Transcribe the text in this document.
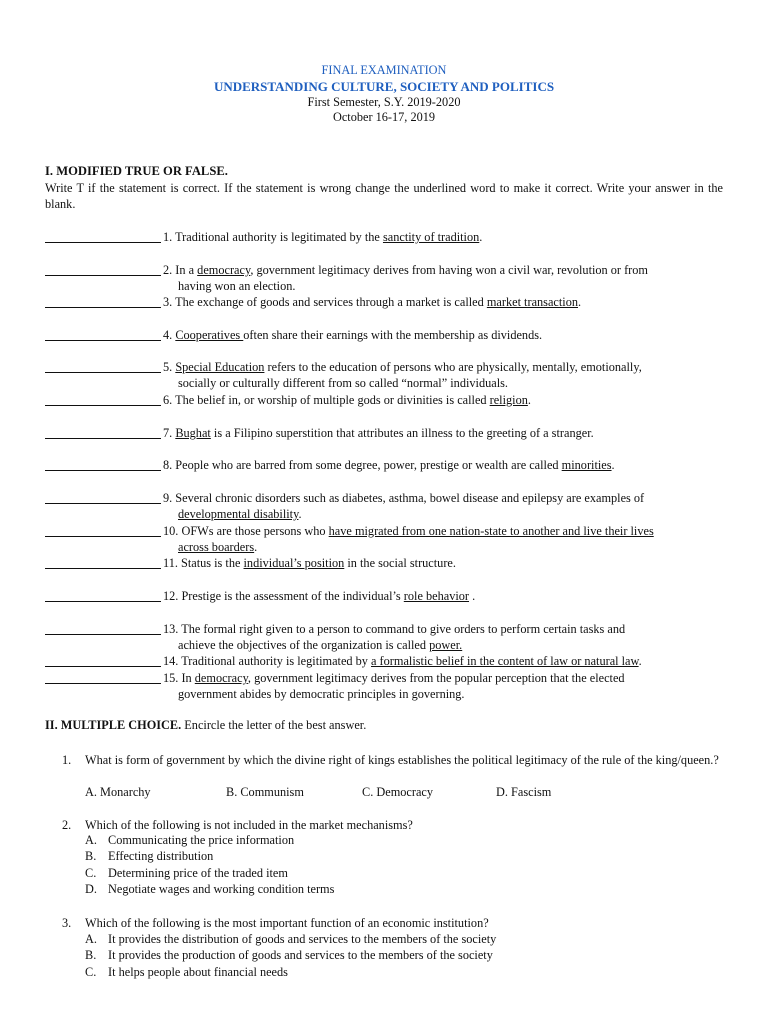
FINAL EXAMINATION
UNDERSTANDING CULTURE, SOCIETY AND POLITICS
First Semester, S.Y. 2019-2020
October 16-17, 2019
I. MODIFIED TRUE OR FALSE.
Write T if the statement is correct. If the statement is wrong change the underlined word to make it correct. Write your answer in the blank.
1. Traditional authority is legitimated by the sanctity of tradition.
2. In a democracy, government legitimacy derives from having won a civil war, revolution or from
having won an election.
3. The exchange of goods and services through a market is called market transaction.
4. Cooperatives often share their earnings with the membership as dividends.
5. Special Education refers to the education of persons who are physically, mentally, emotionally,
socially or culturally different from so called “normal” individuals.
6. The belief in, or worship of multiple gods or divinities is called religion.
7. Bughat is a Filipino superstition that attributes an illness to the greeting of a stranger.
8. People who are barred from some degree, power, prestige or wealth are called minorities.
9. Several chronic disorders such as diabetes, asthma, bowel disease and epilepsy are examples of
developmental disability.
10. OFWs are those persons who have migrated from one nation-state to another and live their lives
across boarders.
11. Status is the individual’s position in the social structure.
12. Prestige is the assessment of the individual’s role behavior .
13. The formal right given to a person to command to give orders to perform certain tasks and
achieve the objectives of the organization is called power.
14. Traditional authority is legitimated by a formalistic belief in the content of law or natural law.
15. In democracy, government legitimacy derives from the popular perception that the elected
government abides by democratic principles in governing.
II. MULTIPLE CHOICE. Encircle the letter of the best answer.
1. What is form of government by which the divine right of kings establishes the political legitimacy of the rule of the king/queen.?
A. Monarchy	B. Communism	C. Democracy	D. Fascism
2. Which of the following is not included in the market mechanisms?
A. Communicating the price information
B. Effecting distribution
C. Determining price of the traded item
D. Negotiate wages and working condition terms
3. Which of the following is the most important function of an economic institution?
A. It provides the distribution of goods and services to the members of the society
B. It provides the production of goods and services to the members of the society
C. It helps people about financial needs
